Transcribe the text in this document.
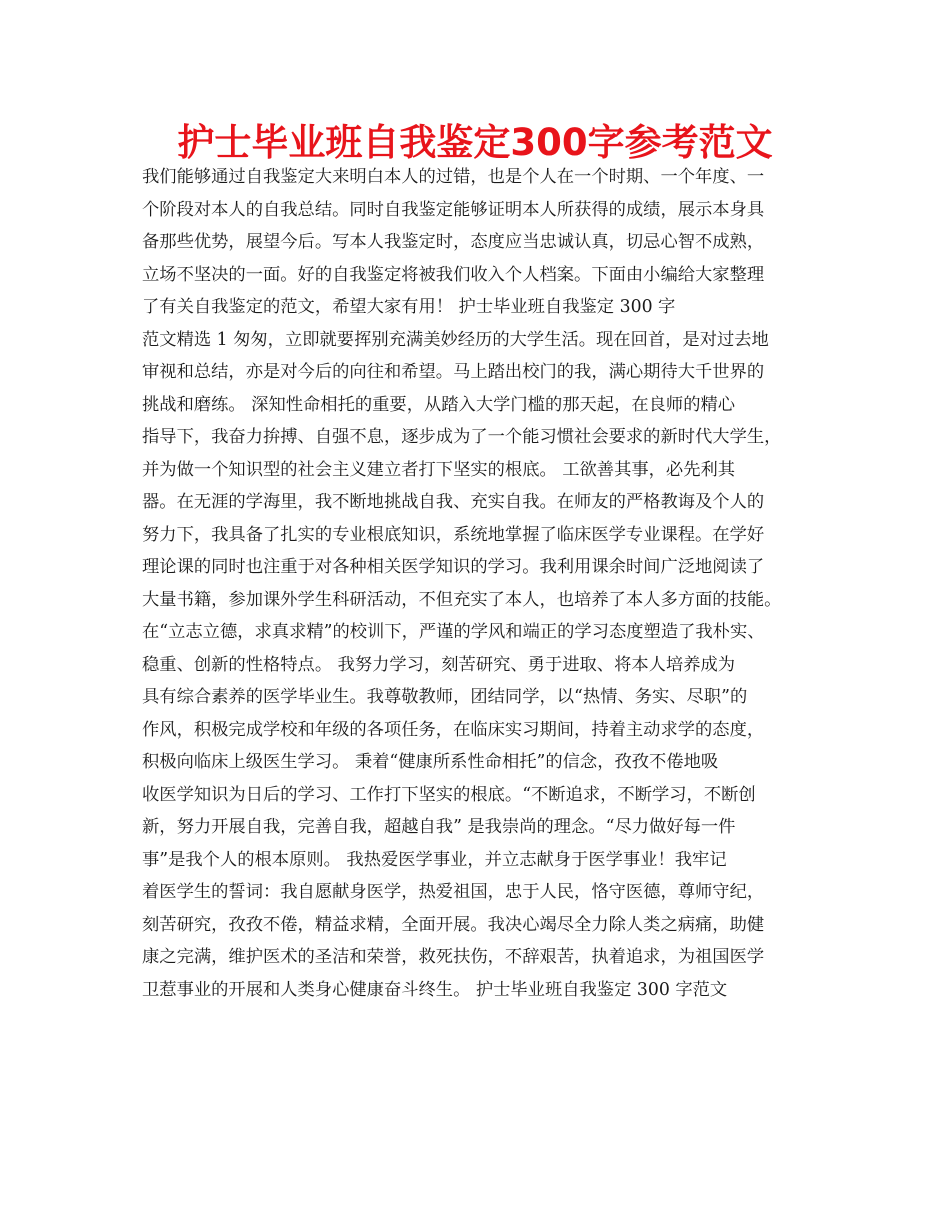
护士毕业班自我鉴定300字参考范文
我们能够通过自我鉴定大来明白本人的过错，也是个人在一个时期、一个年度、一
个阶段对本人的自我总结。同时自我鉴定能够证明本人所获得的成绩，展示本身具
备那些优势，展望今后。写本人我鉴定时，态度应当忠诚认真，切忌心智不成熟，
立场不坚决的一面。好的自我鉴定将被我们收入个人档案。下面由小编给大家整理
了有关自我鉴定的范文，希望大家有用！ 护士毕业班自我鉴定 300 字
范文精选 1 匆匆，立即就要挥别充满美妙经历的大学生活。现在回首，是对过去地
审视和总结，亦是对今后的向往和希望。马上踏出校门的我，满心期待大千世界的
挑战和磨练。 深知性命相托的重要，从踏入大学门槛的那天起，在良师的精心
指导下，我奋力拚搏、自强不息，逐步成为了一个能习惯社会要求的新时代大学生，
并为做一个知识型的社会主义建立者打下坚实的根底。 工欲善其事，必先利其
器。在无涯的学海里，我不断地挑战自我、充实自我。在师友的严格教诲及个人的
努力下，我具备了扎实的专业根底知识，系统地掌握了临床医学专业课程。在学好
理论课的同时也注重于对各种相关医学知识的学习。我利用课余时间广泛地阅读了
大量书籍，参加课外学生科研活动，不但充实了本人，也培养了本人多方面的技能。
在“立志立德，求真求精”的校训下，严谨的学风和端正的学习态度塑造了我朴实、
稳重、创新的性格特点。 我努力学习，刻苦研究、勇于进取、将本人培养成为
具有综合素养的医学毕业生。我尊敬教师，团结同学，以“热情、务实、尽职”的
作风，积极完成学校和年级的各项任务，在临床实习期间，持着主动求学的态度，
积极向临床上级医生学习。 秉着“健康所系性命相托”的信念，孜孜不倦地吸
收医学知识为日后的学习、工作打下坚实的根底。“不断追求，不断学习，不断创
新，努力开展自我，完善自我，超越自我” 是我崇尚的理念。“尽力做好每一件
事”是我个人的根本原则。 我热爱医学事业，并立志献身于医学事业！我牢记
着医学生的誓词：我自愿献身医学，热爱祖国，忠于人民，恪守医德，尊师守纪，
刻苦研究，孜孜不倦，精益求精，全面开展。我决心竭尽全力除人类之病痛，助健
康之完满，维护医术的圣洁和荣誉，救死扶伤，不辞艰苦，执着追求，为祖国医学
卫惹事业的开展和人类身心健康奋斗终生。 护士毕业班自我鉴定 300 字范文
